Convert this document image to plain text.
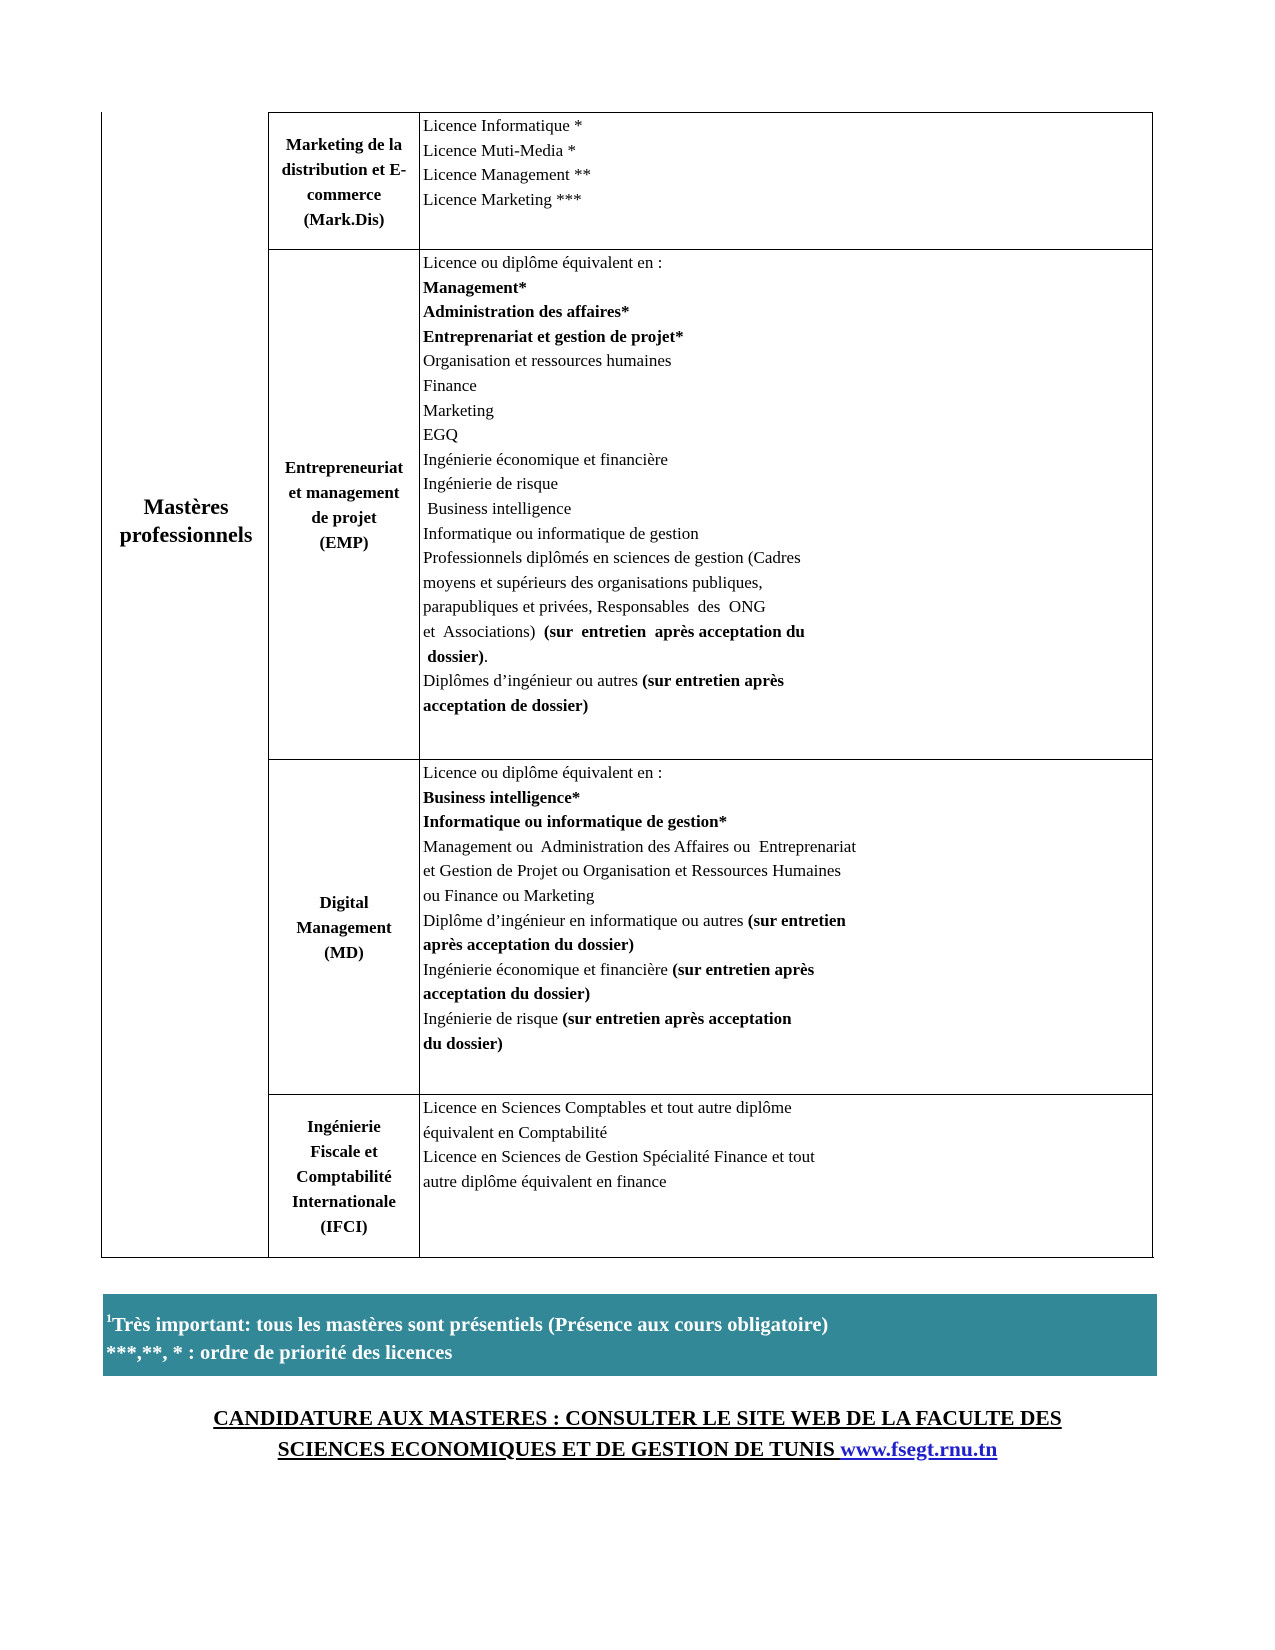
Mastères
professionnels
Marketing de la
distribution et E-
commerce
(Mark.Dis)
Entrepreneuriat
et management
de projet
(EMP)
Digital
Management
(MD)
Ingénierie
Fiscale et
Comptabilité
Internationale
(IFCI)
Licence Informatique *
Licence Muti-Media *
Licence Management **
Licence Marketing ***
Licence ou diplôme équivalent en :
Management*
Administration des affaires*
Entreprenariat et gestion de projet*
Organisation et ressources humaines
Finance
Marketing
EGQ
Ingénierie économique et financière
Ingénierie de risque
Business intelligence
Informatique ou informatique de gestion
Professionnels diplômés en sciences de gestion (Cadres
moyens et supérieurs des organisations publiques,
parapubliques et privées, Responsables  des  ONG
et  Associations)  (sur  entretien  après acceptation du
dossier).
Diplômes d’ingénieur ou autres (sur entretien après
acceptation de dossier)
Licence ou diplôme équivalent en :
Business intelligence*
Informatique ou informatique de gestion*
Management ou  Administration des Affaires ou  Entreprenariat
et Gestion de Projet ou Organisation et Ressources Humaines
ou Finance ou Marketing
Diplôme d’ingénieur en informatique ou autres (sur entretien
après acceptation du dossier)
Ingénierie économique et financière (sur entretien après
acceptation du dossier)
Ingénierie de risque (sur entretien après acceptation
du dossier)
Licence en Sciences Comptables et tout autre diplôme
équivalent en Comptabilité
Licence en Sciences de Gestion Spécialité Finance et tout
autre diplôme équivalent en finance
$^1$Très important: tous les mastères sont présentiels (Présence aux cours obligatoire)
***,**, * : ordre de priorité des licences
CANDIDATURE AUX MASTERES : CONSULTER LE SITE WEB DE LA FACULTE DES
SCIENCES ECONOMIQUES ET DE GESTION DE TUNIS www.fsegt.rnu.tn
